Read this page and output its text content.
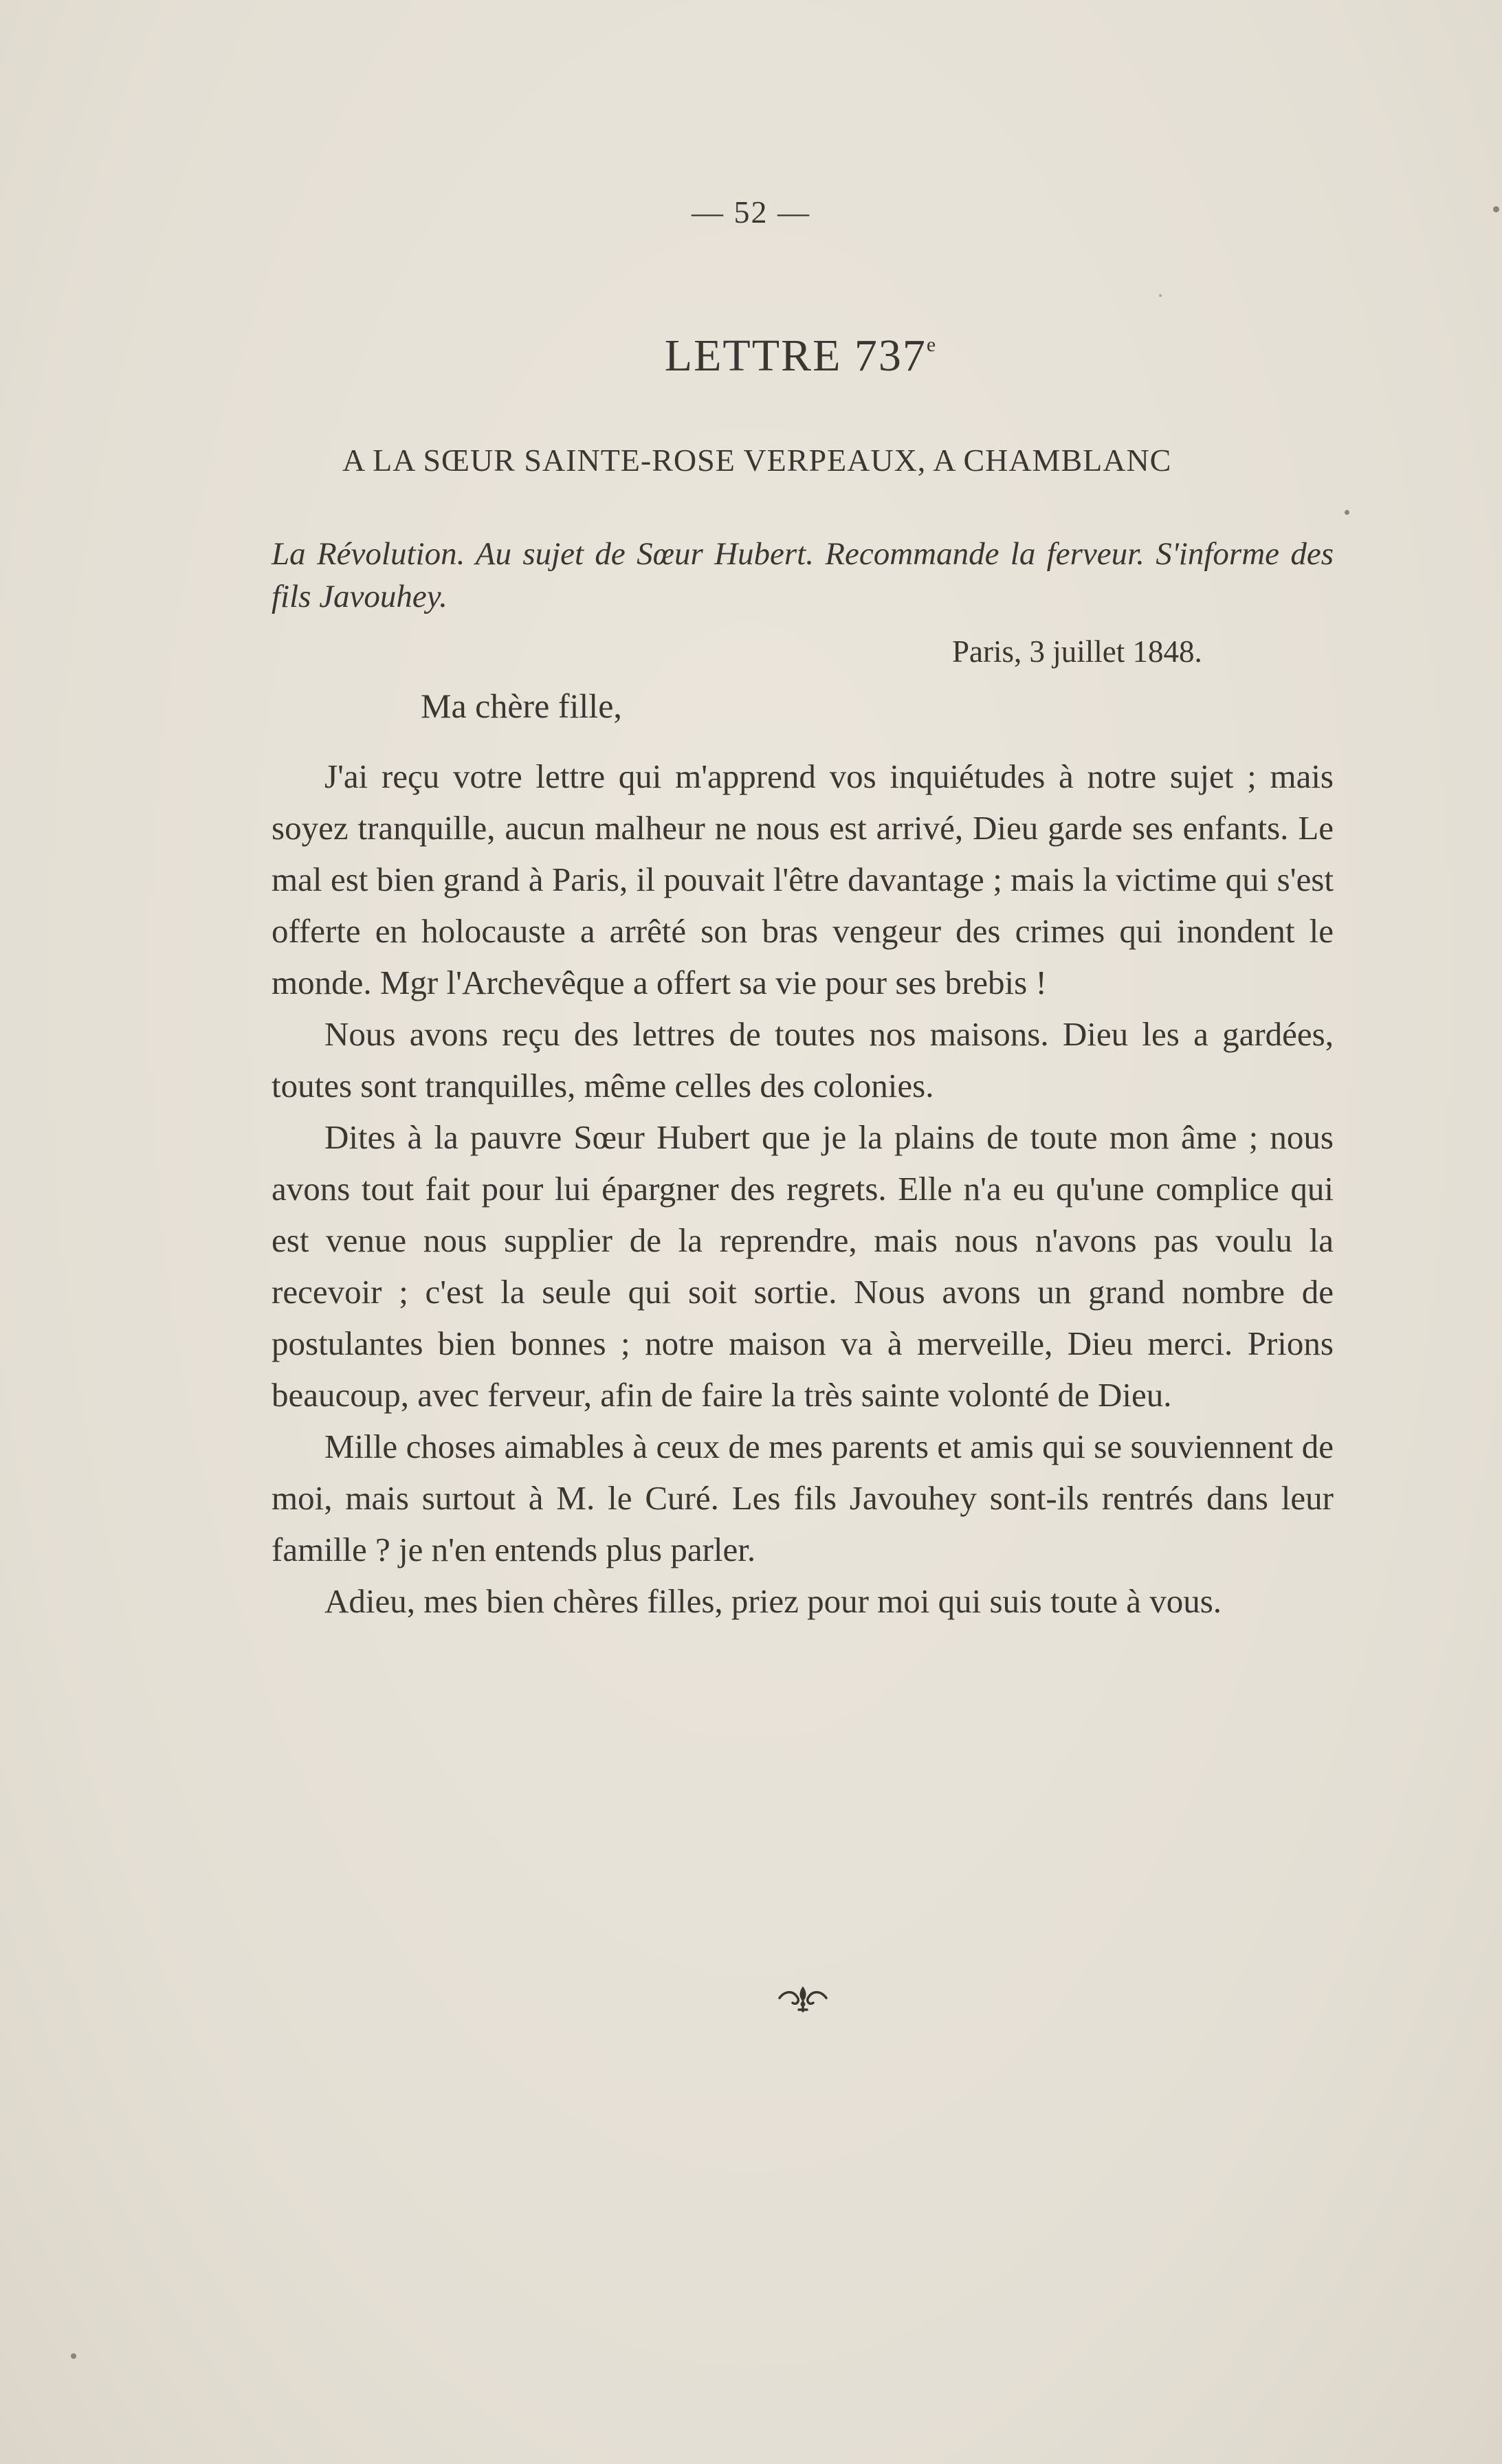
— 52 —
LETTRE 737e
A LA SŒUR SAINTE-ROSE VERPEAUX, A CHAMBLANC
La Révolution. Au sujet de Sœur Hubert. Recommande la ferveur. S'informe des fils Javouhey.
Paris, 3 juillet 1848.
Ma chère fille,

J'ai reçu votre lettre qui m'apprend vos inquiétudes à notre sujet ; mais soyez tranquille, aucun malheur ne nous est arrivé, Dieu garde ses enfants. Le mal est bien grand à Paris, il pouvait l'être davantage ; mais la victime qui s'est offerte en holocauste a arrêté son bras vengeur des crimes qui inondent le monde. Mgr l'Archevêque a offert sa vie pour ses brebis !

Nous avons reçu des lettres de toutes nos maisons. Dieu les a gardées, toutes sont tranquilles, même celles des colonies.

Dites à la pauvre Sœur Hubert que je la plains de toute mon âme ; nous avons tout fait pour lui épargner des regrets. Elle n'a eu qu'une complice qui est venue nous supplier de la reprendre, mais nous n'avons pas voulu la recevoir ; c'est la seule qui soit sortie. Nous avons un grand nombre de postulantes bien bonnes ; notre maison va à merveille, Dieu merci. Prions beaucoup, avec ferveur, afin de faire la très sainte volonté de Dieu.

Mille choses aimables à ceux de mes parents et amis qui se souviennent de moi, mais surtout à M. le Curé. Les fils Javouhey sont-ils rentrés dans leur famille ? je n'en entends plus parler.

Adieu, mes bien chères filles, priez pour moi qui suis toute à vous.
